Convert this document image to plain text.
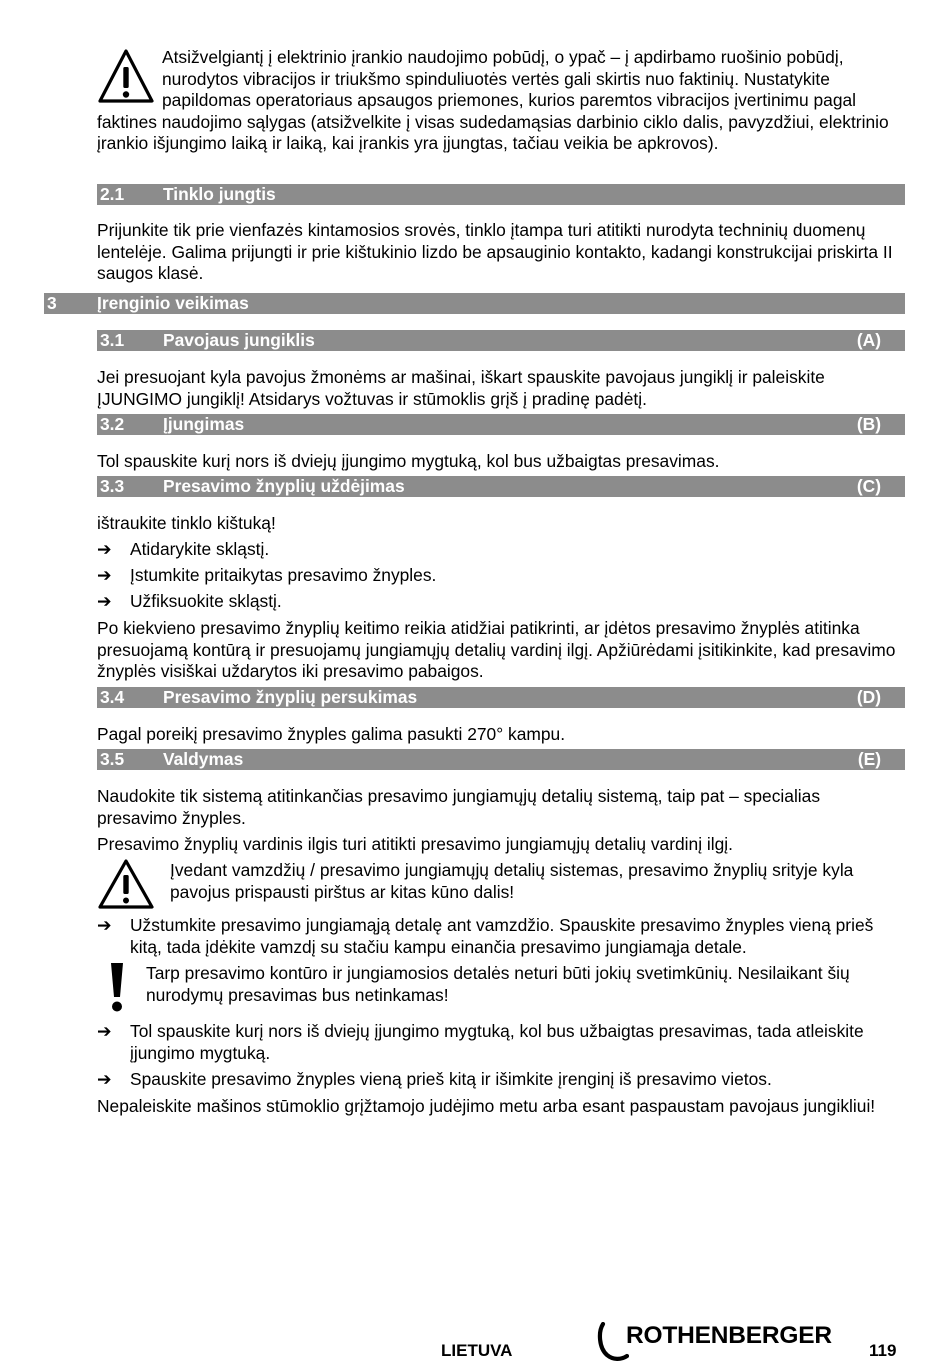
Atsižvelgiantį į elektrinio įrankio naudojimo pobūdį, o ypač – į apdirbamo ruošinio pobūdį, nurodytos vibracijos ir triukšmo spinduliuotės vertės gali skirtis nuo faktinių. Nustatykite papildomas operatoriaus apsaugos priemones, kurios paremtos vibracijos įvertinimu pagal faktines naudojimo sąlygas (atsižvelkite į visas sudedamąsias darbinio ciklo dalis, pavyzdžiui, elektrinio įrankio išjungimo laiką ir laiką, kai įrankis yra įjungtas, tačiau veikia be apkrovos).
2.1 Tinklo jungtis
Prijunkite tik prie vienfazės kintamosios srovės, tinklo įtampa turi atitikti nurodyta techninių duomenų lentelėje. Galima prijungti ir prie kištukinio lizdo be apsauginio kontakto, kadangi konstrukcijai priskirta II saugos klasė.
3 Įrenginio veikimas
3.1 Pavojaus jungiklis	(A)
Jei presuojant kyla pavojus žmonėms ar mašinai, iškart spauskite pavojaus jungiklį ir paleiskite ĮJUNGIMO jungiklį! Atsidarys vožtuvas ir stūmoklis grįš į pradinę padėtį.
3.2 Įjungimas	(B)
Tol spauskite kurį nors iš dviejų įjungimo mygtuką, kol bus užbaigtas presavimas.
3.3 Presavimo žnyplių uždėjimas	(C)
ištraukite tinklo kištuką!
➔ Atidarykite skląstį.
➔ Įstumkite pritaikytas presavimo žnyples.
➔ Užfiksuokite skląstį.
Po kiekvieno presavimo žnyplių keitimo reikia atidžiai patikrinti, ar įdėtos presavimo žnyplės atitinka presuojamą kontūrą ir presuojamų jungiamųjų detalių vardinį ilgį. Apžiūrėdami įsitikinkite, kad presavimo žnyplės visiškai uždarytos iki presavimo pabaigos.
3.4 Presavimo žnyplių persukimas	(D)
Pagal poreikį presavimo žnyples galima pasukti 270° kampu.
3.5 Valdymas	(E)
Naudokite tik sistemą atitinkančias presavimo jungiamųjų detalių sistemą, taip pat – specialias presavimo žnyples.
Presavimo žnyplių vardinis ilgis turi atitikti presavimo jungiamųjų detalių vardinį ilgį.
Įvedant vamzdžių / presavimo jungiamųjų detalių sistemas, presavimo žnyplių srityje kyla pavojus prispausti pirštus ar kitas kūno dalis!
➔ Užstumkite presavimo jungiamąją detalę ant vamzdžio. Spauskite presavimo žnyples vieną prieš kitą, tada įdėkite vamzdį su stačiu kampu einančia presavimo jungiamąja detale.
Tarp presavimo kontūro ir jungiamosios detalės neturi būti jokių svetimkūnių. Nesilaikant šių nurodymų presavimas bus netinkamas!
➔ Tol spauskite kurį nors iš dviejų įjungimo mygtuką, kol bus užbaigtas presavimas, tada atleiskite įjungimo mygtuką.
➔ Spauskite presavimo žnyples vieną prieš kitą ir išimkite įrenginį iš presavimo vietos.
Nepaleiskite mašinos stūmoklio grįžtamojo judėjimo metu arba esant paspaustam pavojaus jungikliui!
LIETUVA
ROTHENBERGER
119
